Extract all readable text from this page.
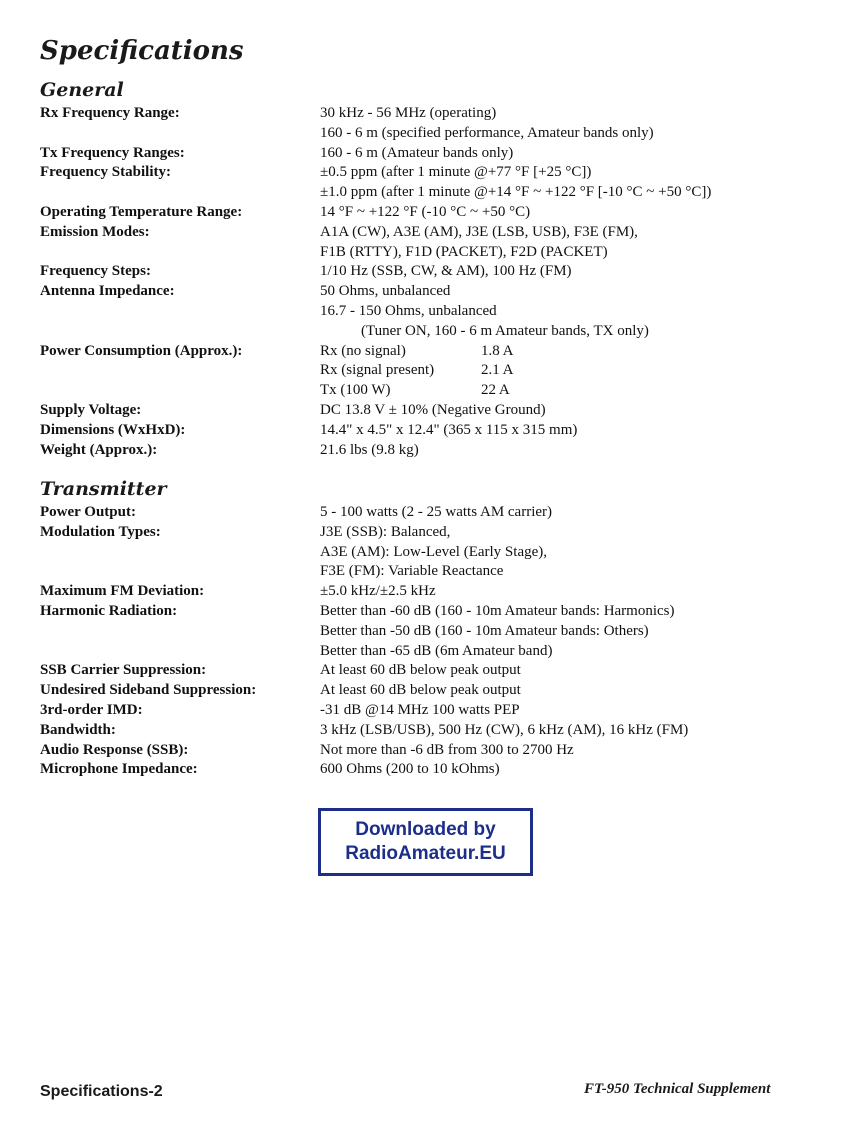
Specifications
General
Rx Frequency Range:	30 kHz - 56 MHz (operating)
160 - 6 m (specified performance, Amateur bands only)
Tx Frequency Ranges:	160 - 6 m (Amateur bands only)
Frequency Stability:	±0.5 ppm (after 1 minute @+77 °F [+25 °C])
±1.0 ppm (after 1 minute @+14 °F ~ +122 °F [-10 °C ~ +50 °C])
Operating Temperature Range:	14 °F ~ +122 °F (-10 °C ~ +50 °C)
Emission Modes:	A1A (CW), A3E (AM), J3E (LSB, USB), F3E (FM),
F1B (RTTY), F1D (PACKET), F2D (PACKET)
Frequency Steps:	1/10 Hz (SSB, CW, & AM), 100 Hz (FM)
Antenna Impedance:	50 Ohms, unbalanced
16.7 - 150 Ohms, unbalanced
(Tuner ON, 160 - 6 m Amateur bands, TX only)
Power Consumption (Approx.):	Rx (no signal)	1.8 A
Rx (signal present)	2.1 A
Tx (100 W)	22 A
Supply Voltage:	DC 13.8 V ± 10% (Negative Ground)
Dimensions (WxHxD):	14.4" x 4.5" x 12.4" (365 x 115 x 315 mm)
Weight (Approx.):	21.6 lbs (9.8 kg)
Transmitter
Power Output:	5 - 100 watts (2 - 25 watts AM carrier)
Modulation Types:	J3E (SSB): Balanced,
A3E (AM): Low-Level (Early Stage),
F3E (FM): Variable Reactance
Maximum FM Deviation:	±5.0 kHz/±2.5 kHz
Harmonic Radiation:	Better than -60 dB (160 - 10m Amateur bands: Harmonics)
Better than -50 dB (160 - 10m Amateur bands: Others)
Better than -65 dB (6m Amateur band)
SSB Carrier Suppression:	At least 60 dB below peak output
Undesired Sideband Suppression:	At least 60 dB below peak output
3rd-order IMD:	-31 dB @14 MHz 100 watts PEP
Bandwidth:	3 kHz (LSB/USB), 500 Hz (CW), 6 kHz (AM), 16 kHz (FM)
Audio Response (SSB):	Not more than -6 dB from 300 to 2700 Hz
Microphone Impedance:	600 Ohms (200 to 10 kOhms)
Downloaded by
RadioAmateur.EU
Specifications-2	FT-950 Technical Supplement
